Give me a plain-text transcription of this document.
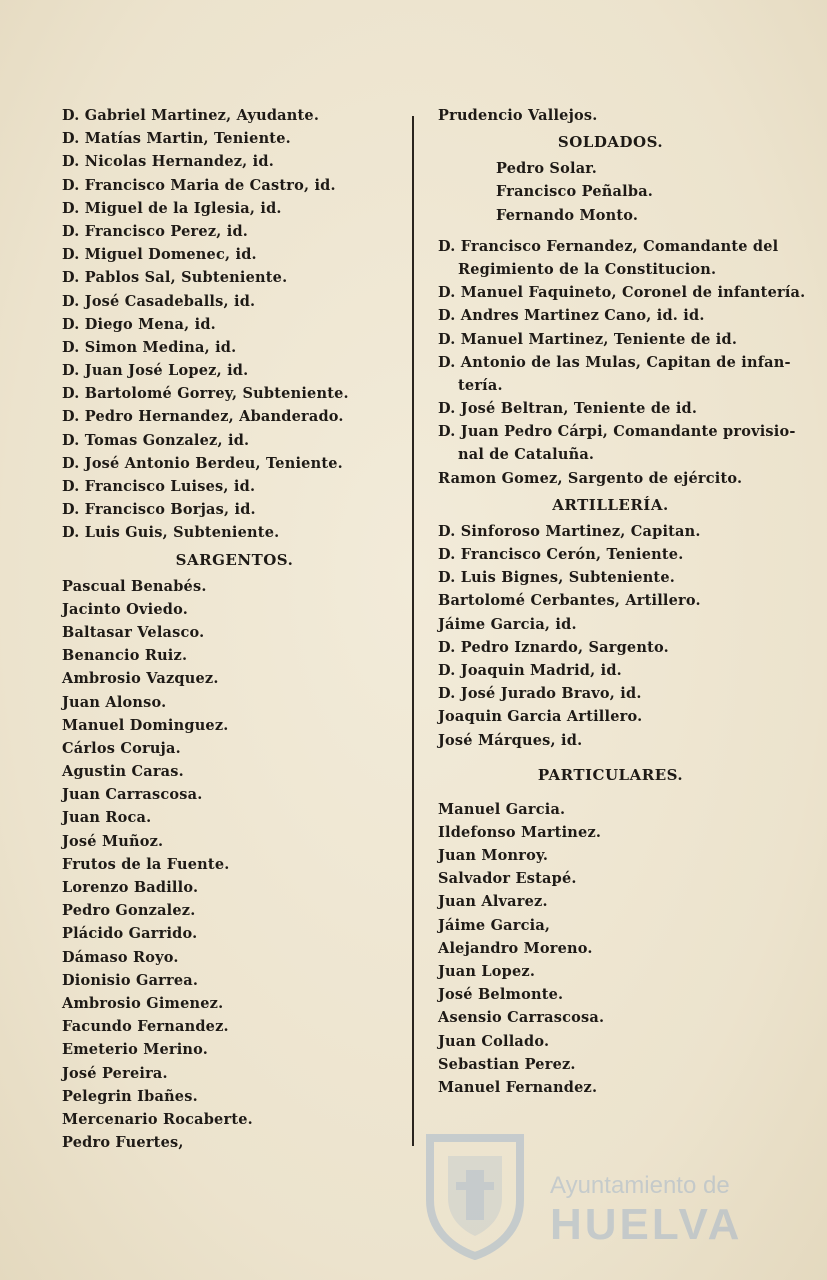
D. Gabriel Martinez, Ayudante.
D. Matías Martin, Teniente.
D. Nicolas Hernandez, id.
D. Francisco Maria de Castro, id.
D. Miguel de la Iglesia, id.
D. Francisco Perez, id.
D. Miguel Domenec, id.
D. Pablos Sal, Subteniente.
D. José Casadeballs, id.
D. Diego Mena, id.
D. Simon Medina, id.
D. Juan José Lopez, id.
D. Bartolomé Gorrey, Subteniente.
D. Pedro Hernandez, Abanderado.
D. Tomas Gonzalez, id.
D. José Antonio Berdeu, Teniente.
D. Francisco Luises, id.
D. Francisco Borjas, id.
D. Luis Guis, Subteniente.
SARGENTOS.
Pascual Benabés.
Jacinto Oviedo.
Baltasar Velasco.
Benancio Ruiz.
Ambrosio Vazquez.
Juan Alonso.
Manuel Dominguez.
Cárlos Coruja.
Agustin Caras.
Juan Carrascosa.
Juan Roca.
José Muñoz.
Frutos de la Fuente.
Lorenzo Badillo.
Pedro Gonzalez.
Plácido Garrido.
Dámaso Royo.
Dionisio Garrea.
Ambrosio Gimenez.
Facundo Fernandez.
Emeterio Merino.
José Pereira.
Pelegrin Ibañes.
Mercenario Rocaberte.
Pedro Fuertes,
Prudencio Vallejos.
SOLDADOS.
Pedro Solar.
Francisco Peñalba.
Fernando Monto.
D. Francisco Fernandez, Comandante del
Regimiento de la Constitucion.
D. Manuel Faquineto, Coronel de infantería.
D. Andres Martinez Cano, id. id.
D. Manuel Martinez, Teniente de id.
D. Antonio de las Mulas, Capitan de infan-
tería.
D. José Beltran, Teniente de id.
D. Juan Pedro Cárpi, Comandante provisio-
nal de Cataluña.
Ramon Gomez, Sargento de ejército.
ARTILLERÍA.
D. Sinforoso Martinez, Capitan.
D. Francisco Cerón, Teniente.
D. Luis Bignes, Subteniente.
Bartolomé Cerbantes, Artillero.
Jáime Garcia, id.
D. Pedro Iznardo, Sargento.
D. Joaquin Madrid, id.
D. José Jurado Bravo, id.
Joaquin Garcia Artillero.
José Márques, id.
PARTICULARES.
Manuel Garcia.
Ildefonso Martinez.
Juan Monroy.
Salvador Estapé.
Juan Alvarez.
Jáime Garcia,
Alejandro Moreno.
Juan Lopez.
José Belmonte.
Asensio Carrascosa.
Juan Collado.
Sebastian Perez.
Manuel Fernandez.
Ayuntamiento de
HUELVA
